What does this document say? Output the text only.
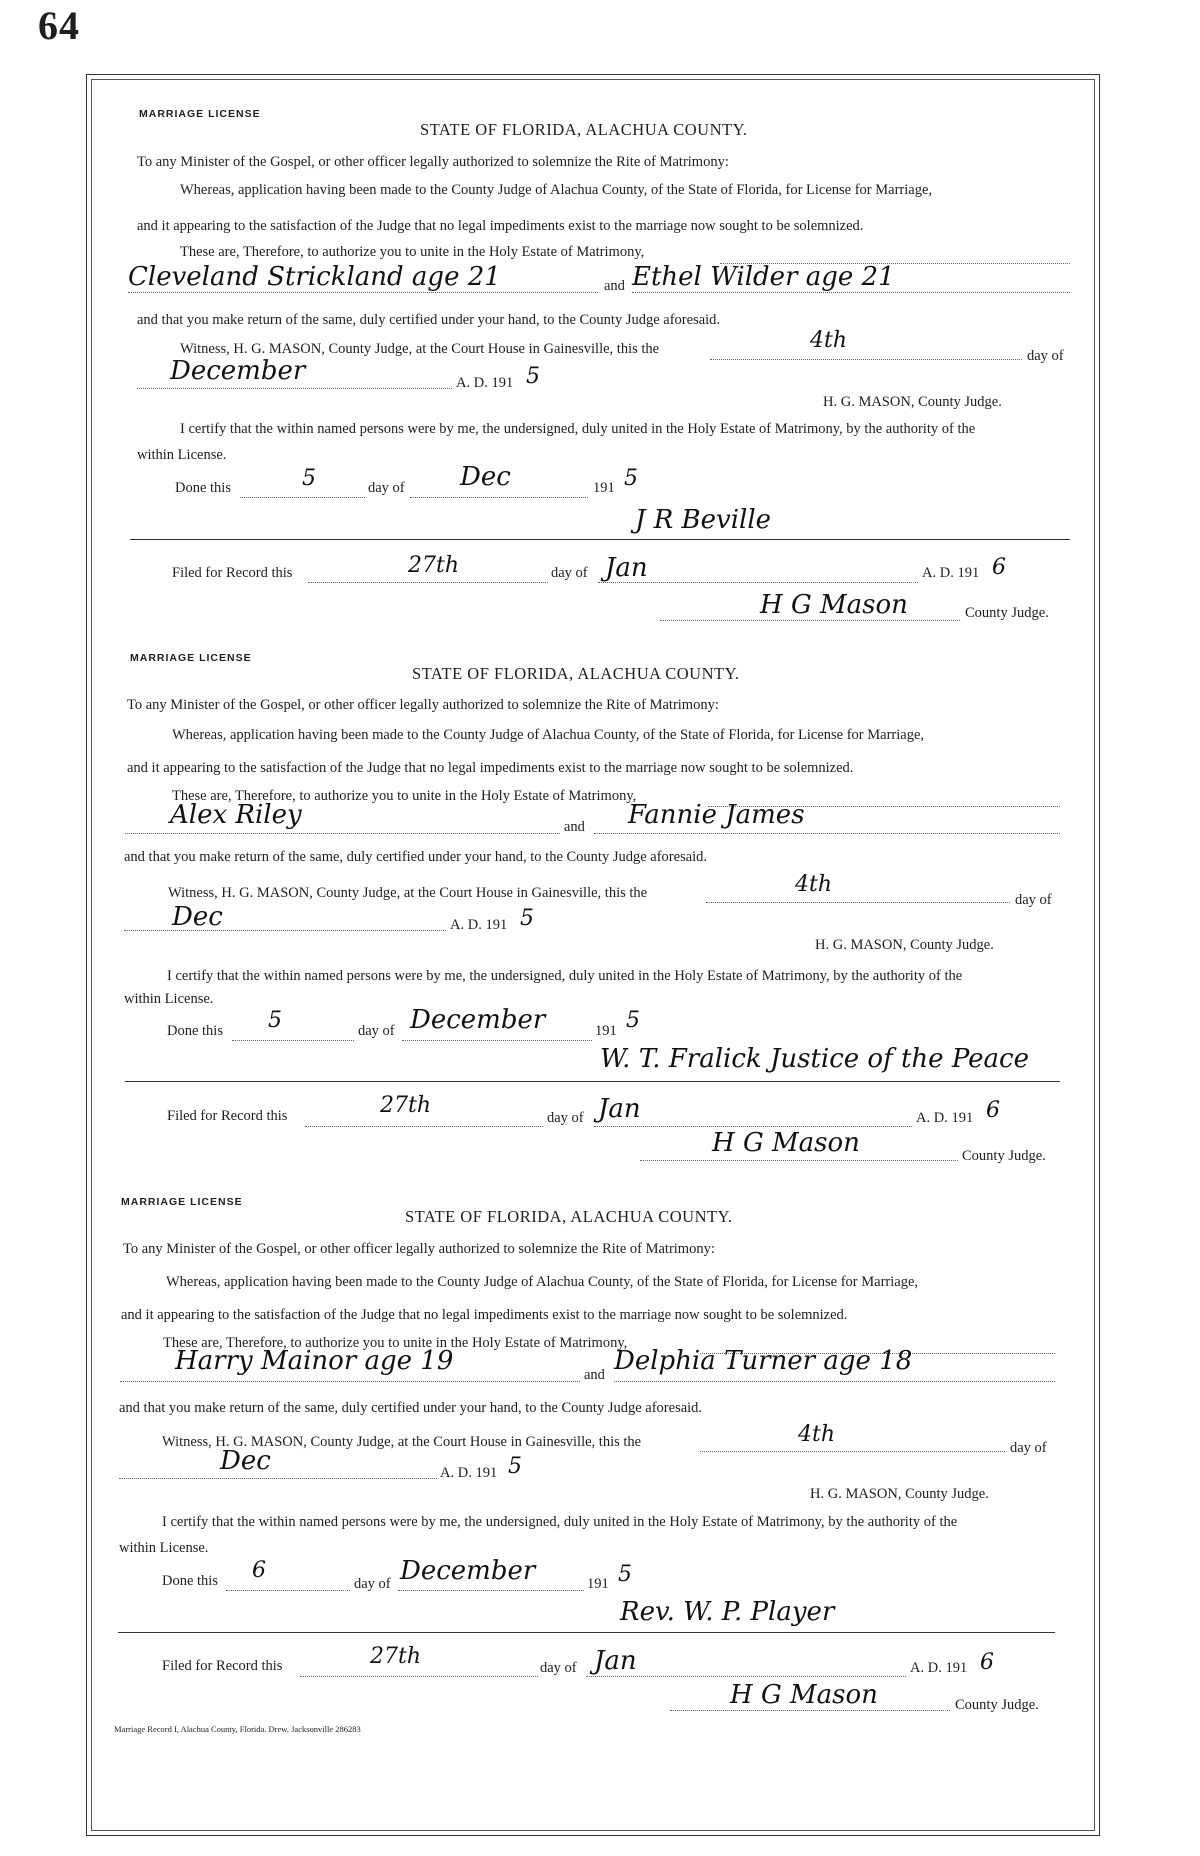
64
MARRIAGE LICENSE
STATE OF FLORIDA, ALACHUA COUNTY.
To any Minister of the Gospel, or other officer legally authorized to solemnize the Rite of Matrimony:
Whereas, application having been made to the County Judge of Alachua County, of the State of Florida, for License for Marriage,
and it appearing to the satisfaction of the Judge that no legal impediments exist to the marriage now sought to be solemnized.
These are, Therefore, to authorize you to unite in the Holy Estate of Matrimony,
Cleveland Strickland age 21	and Ethel Wilder age 21
and that you make return of the same, duly certified under your hand, to the County Judge aforesaid.
Witness, H. G. MASON, County Judge, at the Court House in Gainesville, this the	4th
day of
December	A. D. 191 5
H. G. MASON, County Judge.
I certify that the within named persons were by me, the undersigned, duly united in the Holy Estate of Matrimony, by the authority of the
within License.
Done this	5	day of Dec	191 5
J R Beville
Filed for Record this	27th	day of Jan	A. D. 191 6
H G Mason	County Judge.
MARRIAGE LICENSE
STATE OF FLORIDA, ALACHUA COUNTY.
To any Minister of the Gospel, or other officer legally authorized to solemnize the Rite of Matrimony:
Whereas, application having been made to the County Judge of Alachua County, of the State of Florida, for License for Marriage,
and it appearing to the satisfaction of the Judge that no legal impediments exist to the marriage now sought to be solemnized.
These are, Therefore, to authorize you to unite in the Holy Estate of Matrimony,
Alex Riley	and Fannie James
and that you make return of the same, duly certified under your hand, to the County Judge aforesaid.
Witness, H. G. MASON, County Judge, at the Court House in Gainesville, this the	4th
day of
Dec	A. D. 191 5
H. G. MASON, County Judge.
I certify that the within named persons were by me, the undersigned, duly united in the Holy Estate of Matrimony, by the authority of the
within License.
Done this 5	day of December	191 5
W. T. Fralick Justice of the Peace
Filed for Record this	27th	day of Jan	A. D. 191 6
H G Mason	County Judge.
MARRIAGE LICENSE
STATE OF FLORIDA, ALACHUA COUNTY.
To any Minister of the Gospel, or other officer legally authorized to solemnize the Rite of Matrimony:
Whereas, application having been made to the County Judge of Alachua County, of the State of Florida, for License for Marriage,
and it appearing to the satisfaction of the Judge that no legal impediments exist to the marriage now sought to be solemnized.
These are, Therefore, to authorize you to unite in the Holy Estate of Matrimony,
Harry Mainor age 19	and Delphia Turner age 18
and that you make return of the same, duly certified under your hand, to the County Judge aforesaid.
Witness, H. G. MASON, County Judge, at the Court House in Gainesville, this the	4th
day of
Dec	A. D. 191 5
H. G. MASON, County Judge.
I certify that the within named persons were by me, the undersigned, duly united in the Holy Estate of Matrimony, by the authority of the
within License.
Done this 6
day of December	191 5
Rev. W. P. Player
Filed for Record this	27th	day of Jan	A. D. 191 6
H G Mason	County Judge.
Marriage Record I, Alachua County, Florida. Drew, Jacksonville 286283
